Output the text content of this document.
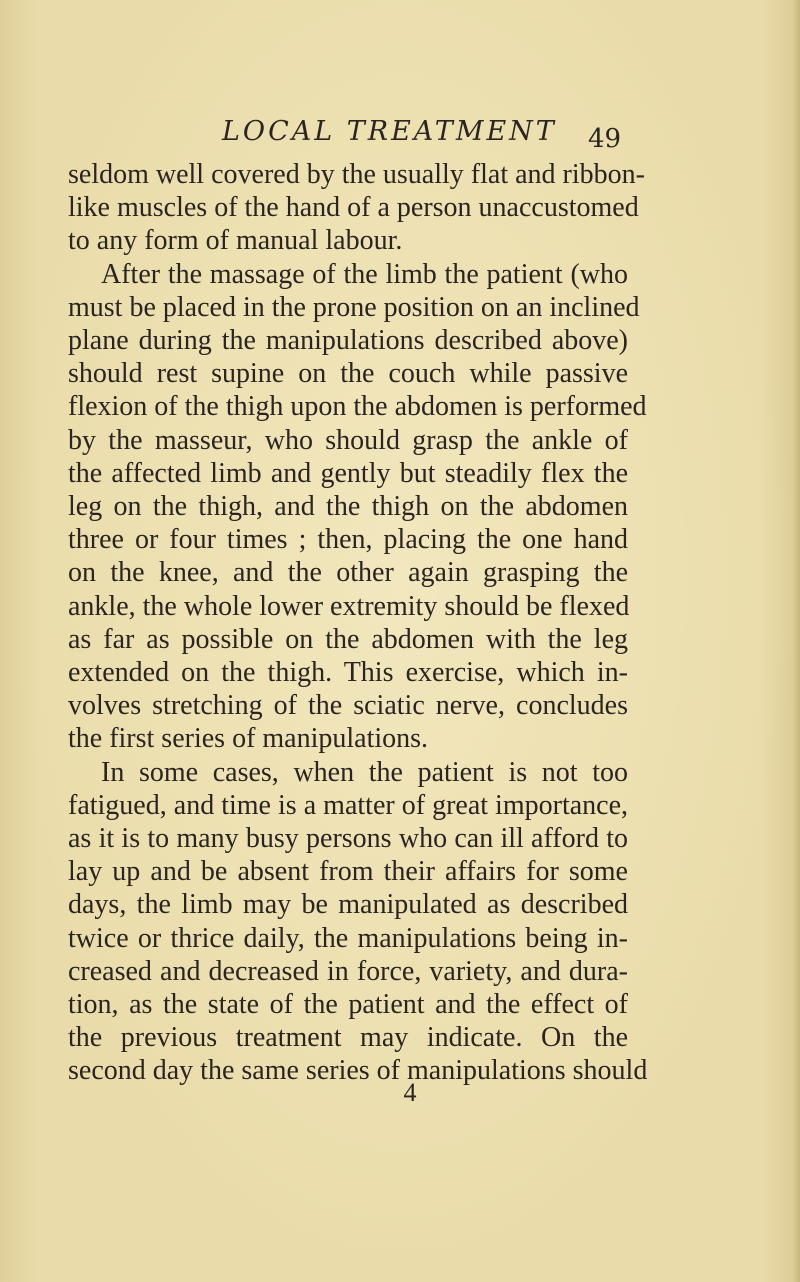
LOCAL TREATMENT 49
seldom well covered by the usually flat and ribbon-
like muscles of the hand of a person unaccustomed
to any form of manual labour.
After the massage of the limb the patient (who
must be placed in the prone position on an inclined
plane during the manipulations described above)
should rest supine on the couch while passive
flexion of the thigh upon the abdomen is performed
by the masseur, who should grasp the ankle of
the affected limb and gently but steadily flex the
leg on the thigh, and the thigh on the abdomen
three or four times ; then, placing the one hand
on the knee, and the other again grasping the
ankle, the whole lower extremity should be flexed
as far as possible on the abdomen with the leg
extended on the thigh. This exercise, which in-
volves stretching of the sciatic nerve, concludes
the first series of manipulations.
In some cases, when the patient is not too
fatigued, and time is a matter of great importance,
as it is to many busy persons who can ill afford to
lay up and be absent from their affairs for some
days, the limb may be manipulated as described
twice or thrice daily, the manipulations being in-
creased and decreased in force, variety, and dura-
tion, as the state of the patient and the effect of
the previous treatment may indicate. On the
second day the same series of manipulations should
4
